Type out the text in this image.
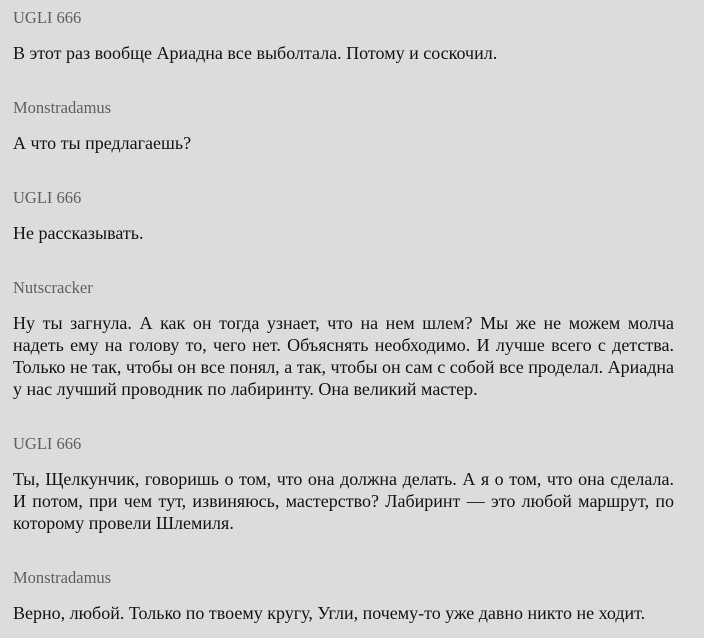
UGLI 666

В этот раз вообще Ариадна все выболтала. Потому и соскочил.

Monstradamus

А что ты предлагаешь?

UGLI 666

Не рассказывать.

Nutscracker

Ну ты загнула. А как он тогда узнает, что на нем шлем? Мы же не можем молча надеть ему на голову то, чего нет. Объяснять необходимо. И лучше всего с детства. Только не так, чтобы он все понял, а так, чтобы он сам с собой все проделал. Ариадна у нас лучший проводник по лабиринту. Она великий мастер.

UGLI 666

Ты, Щелкунчик, говоришь о том, что она должна делать. А я о том, что она сделала. И потом, при чем тут, извиняюсь, мастерство? Лабиринт — это любой маршрут, по которому провели Шлемиля.

Monstradamus

Верно, любой. Только по твоему кругу, Угли, почему-то уже давно никто не ходит.
